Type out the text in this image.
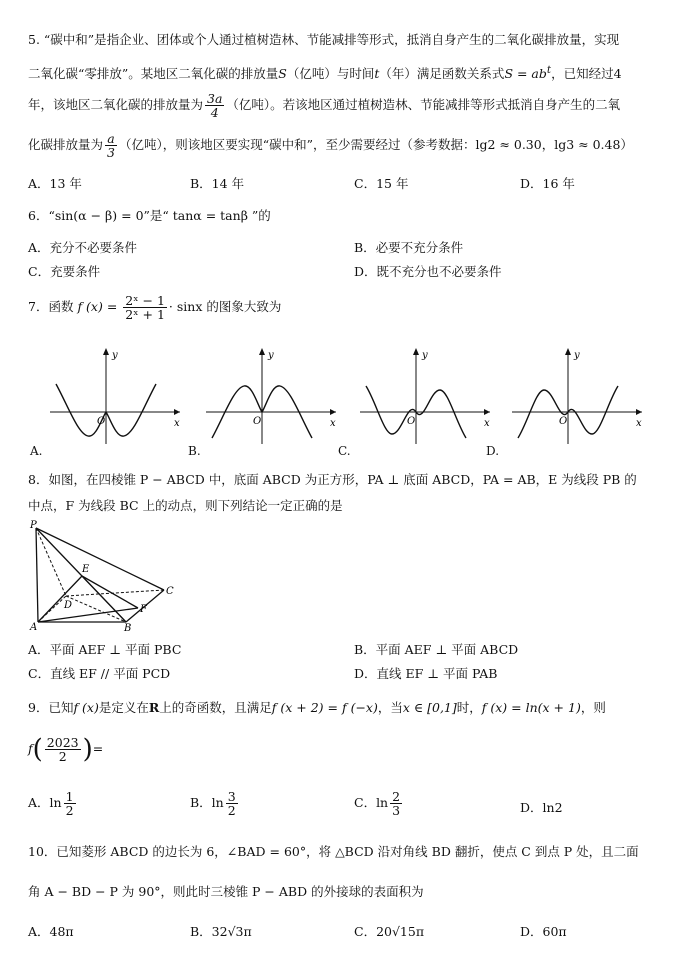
5. “碳中和”是指企业、团体或个人通过植树造林、节能减排等形式，抵消自身产生的二氧化碳排放量，实现
二氧化碳“零排放”。某地区二氧化碳的排放量S（亿吨）与时间t（年）满足函数关系式$S = ab^t$，已知经过4
年，该地区二氧化碳的排放量为 $\frac{3a}{4}$ （亿吨）。若该地区通过植树造林、节能减排等形式抵消自身产生的二氧
化碳排放量为 $\frac{a}{3}$ （亿吨），则该地区要实现“碳中和”，至少需要经过（参考数据：lg2 ≈ 0.30，lg3 ≈ 0.48）
A．13 年	B．14 年	C．15 年	D．16 年
6．“sin(α − β) = 0”是“ tanα = tanβ ”的
A．充分不必要条件	B．必要不充分条件
C．充要条件	D．既不充分也不必要条件
7．函数 f $(x) = \frac{\text{2ˣ − 1}}{\text{2ˣ + 1}} \cdot \sin x$ 的图象大致为
y
x
O
A.
y
x
O
B.
y
x
O
C.
y
x
O
D.
8．如图，在四棱锥 P − ABCD 中，底面 ABCD 为正方形，PA ⊥ 底面 ABCD，PA = AB，E 为线段 PB 的
中点，F 为线段 BC 上的动点，则下列结论一定正确的是
P
E
D
C
A	B
F
A．平面 AEF ⊥ 平面 PBC	B．平面 AEF ⊥ 平面 ABCD
C．直线 EF // 平面 PCD	D．直线 EF ⊥ 平面 PAB
9．已知f (x)是定义在R上的奇函数，且满足f (x + 2) = f (−x)，当x ∈ [0,1]时，f (x) = ln(x + 1)，则
$f( \frac{2023}{2}$ )=
A．$\ln \frac{1}{2}$	B．$\ln \frac{3}{2}$	C．$\ln \frac{2}{3}$	D．ln2
10．已知菱形 ABCD 的边长为 6，∠BAD = 60°，将 △BCD 沿对角线 BD 翻折，使点 C 到点 P 处，且二面
角 A − BD − P 为 90°，则此时三棱锥 P − ABD 的外接球的表面积为
A．48π	B．32√3π	C．20√15π	D．60π
